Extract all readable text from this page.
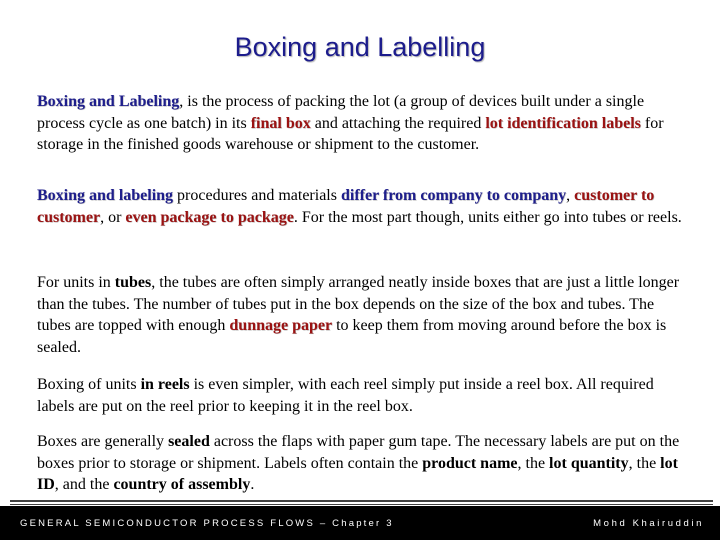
Boxing and Labelling
Boxing and Labeling, is the process of packing the lot (a group of devices built under a single process cycle as one batch) in its final box and attaching the required lot identification labels for storage in the finished goods warehouse or shipment to the customer.
Boxing and labeling procedures and materials differ from company to company, customer to customer, or even package to package. For the most part though, units either go into tubes or reels.
For units in tubes, the tubes are often simply arranged neatly inside boxes that are just a little longer than the tubes. The number of tubes put in the box depends on the size of the box and tubes. The tubes are topped with enough dunnage paper to keep them from moving around before the box is sealed.
Boxing of units in reels is even simpler, with each reel simply put inside a reel box. All required labels are put on the reel prior to keeping it in the reel box.
Boxes are generally sealed across the flaps with paper gum tape. The necessary labels are put on the boxes prior to storage or shipment. Labels often contain the product name, the lot quantity, the lot ID, and the country of assembly.
GENERAL SEMICONDUCTOR PROCESS FLOWS – Chapter 3	Mohd Khairuddin
